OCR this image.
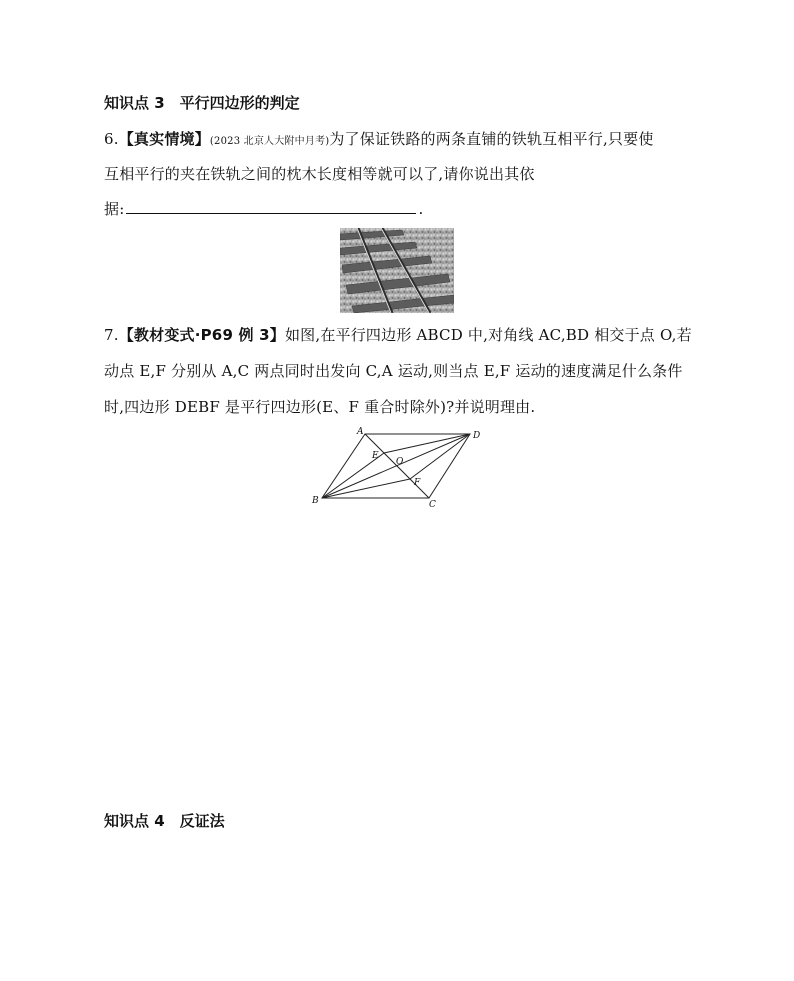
知识点 3　平行四边形的判定
6.【真实情境】(2023 北京人大附中月考)为了保证铁路的两条直铺的铁轨互相平行,只要使
互相平行的夹在铁轨之间的枕木长度相等就可以了,请你说出其依
据:	.
7.【教材变式·P69 例 3】如图,在平行四边形 ABCD 中,对角线 AC,BD 相交于点 O,若
动点 E,F 分别从 A,C 两点同时出发向 C,A 运动,则当点 E,F 运动的速度满足什么条件
时,四边形 DEBF 是平行四边形(E、F 重合时除外)?并说明理由.
A	D
B	C
E
O
F
知识点 4　反证法
